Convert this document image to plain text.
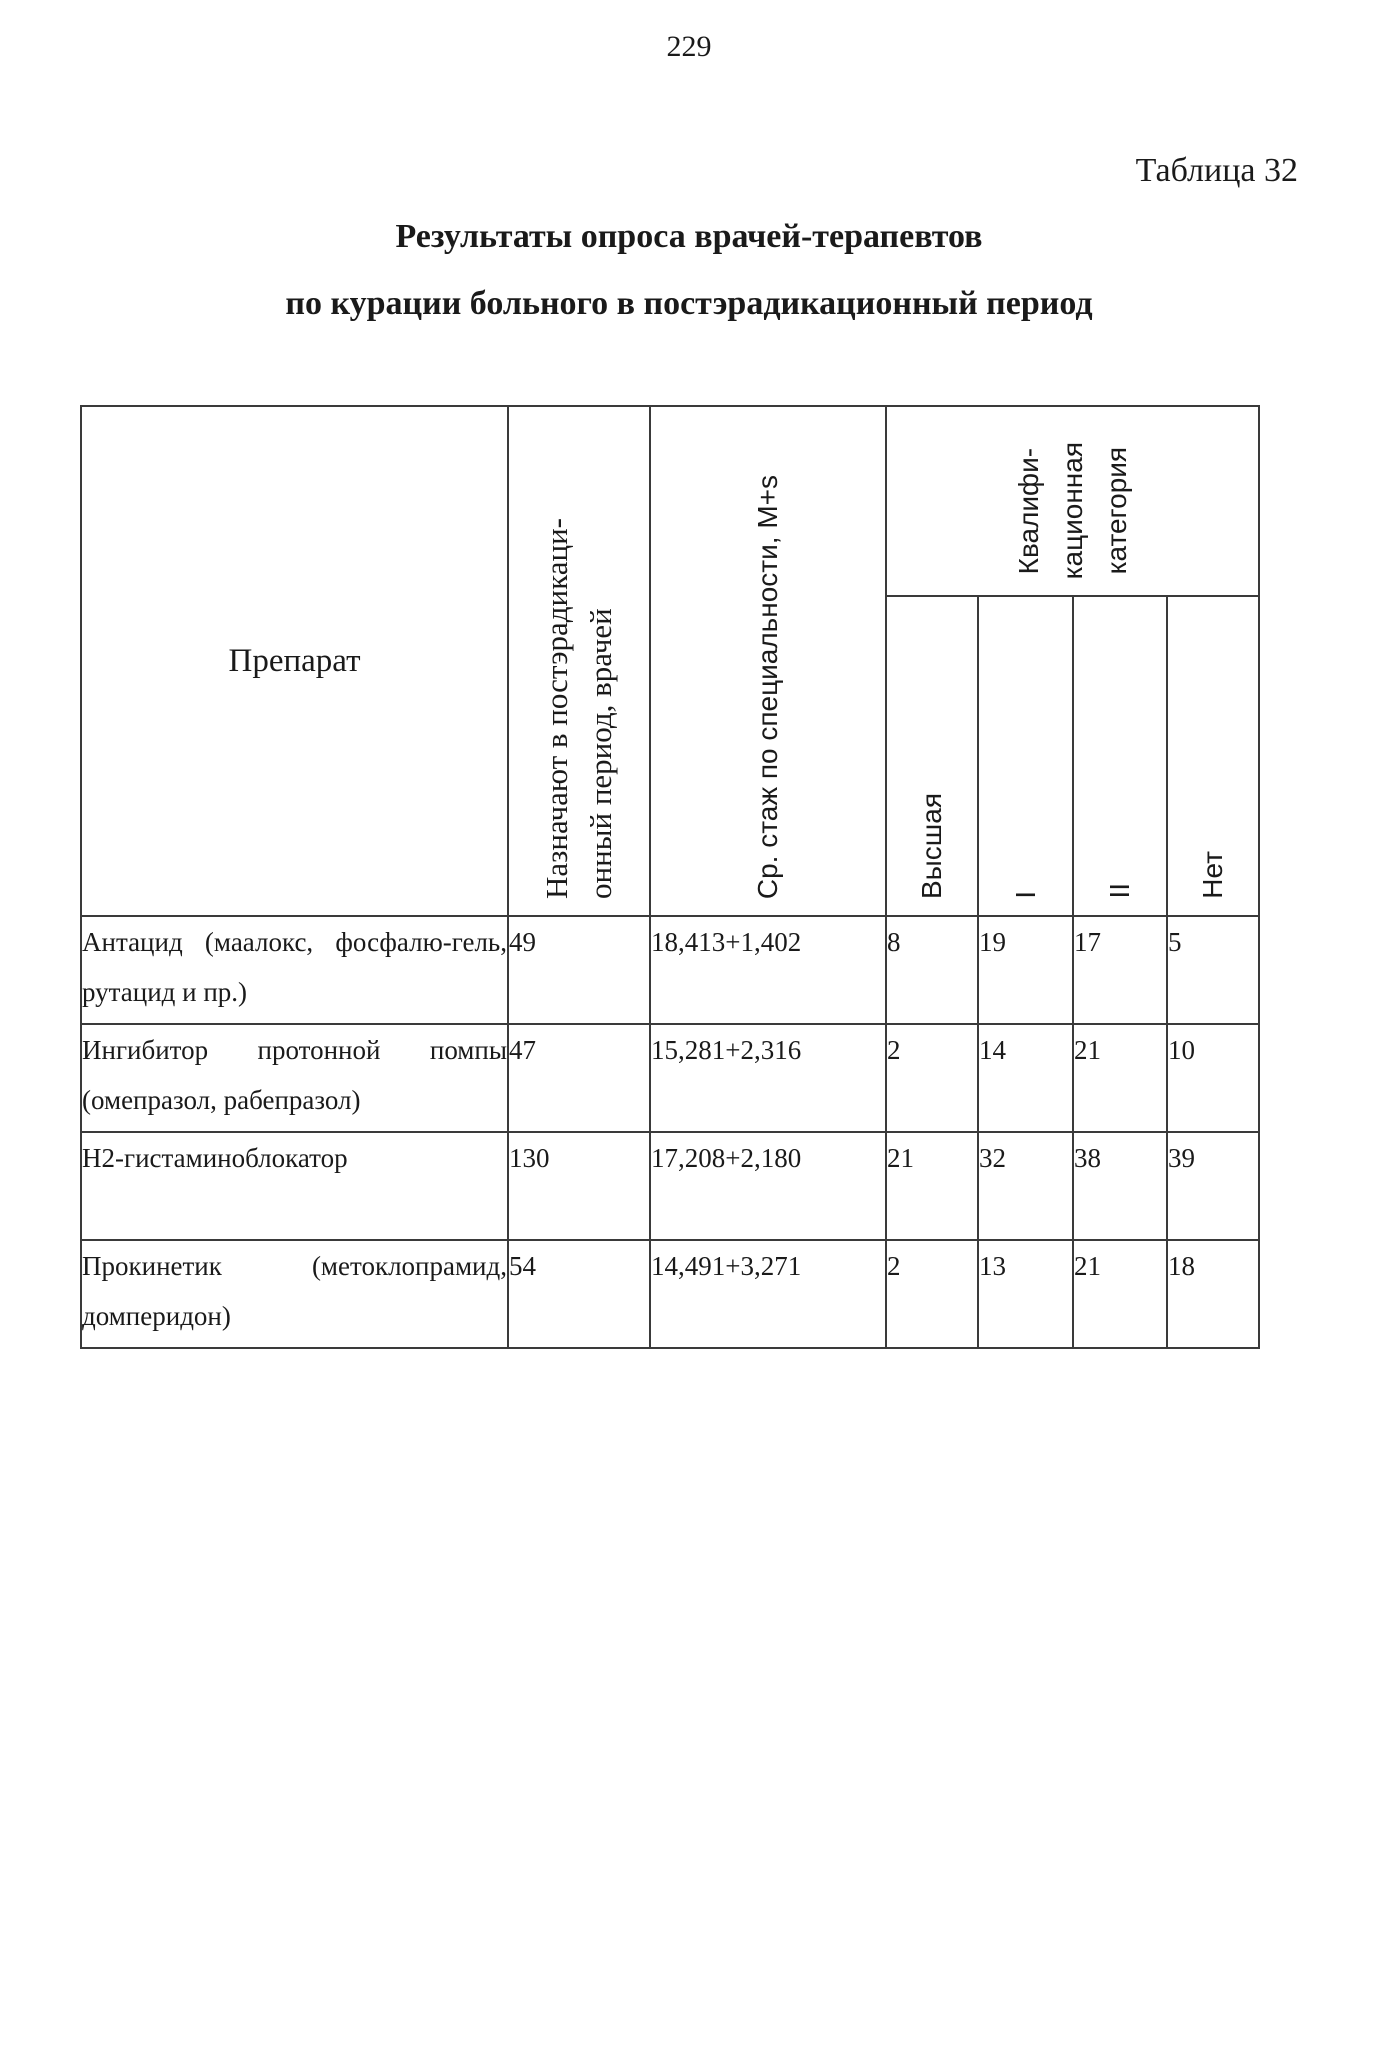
229
Таблица 32
Результаты опроса врачей-терапевтов
по курации больного в постэрадикационный период
Препарат	Назначают в постэрадикаци- онный период, врачей	Ср. стаж по специальности, M+s	Квалифи- кационная категория			

			Высшая	I	II	Нет

Антацид (маалокс, фосфалю-гель, рутацид и пр.)	49	18,413+1,402	8	19	17	5
Ингибитор протонной помпы (омепразол, рабепразол)	47	15,281+2,316	2	14	21	10
Н2-гистаминоблокатор	130	17,208+2,180	21	32	38	39
Прокинетик (метоклопрамид, домперидон)	54	14,491+3,271	2	13	21	18
